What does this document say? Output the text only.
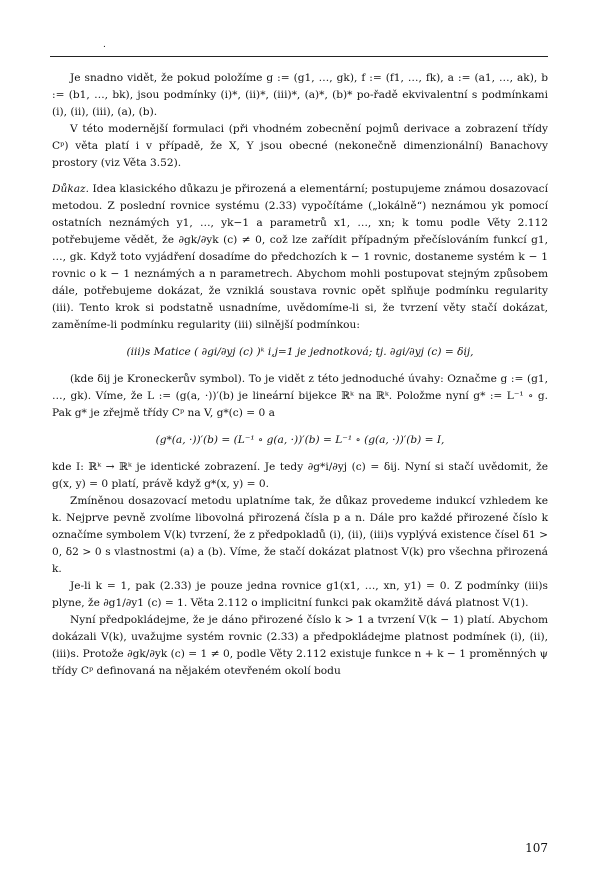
.

Je snadno vidět, že pokud položíme g := (g1, …, gk), f := (f1, …, fk), a := (a1, …, ak), b := (b1, …, bk), jsou podmínky (i)*, (ii)*, (iii)*, (a)*, (b)* po-řadě ekvivalentní s podmínkami (i), (ii), (iii), (a), (b).

V této modernější formulaci (při vhodném zobecnění pojmů derivace a zobrazení třídy Cᵖ) věta platí i v případě, že X, Y jsou obecné (nekonečně dimenzionální) Banachovy prostory (viz Věta 3.52).

Důkaz. Idea klasického důkazu je přirozená a elementární; postupujeme známou dosazovací metodou. Z poslední rovnice systému (2.33) vypočítáme („lokálně“) neznámou yk pomocí ostatních neznámých y1, …, yk−1 a parametrů x1, …, xn; k tomu podle Věty 2.112 potřebujeme vědět, že ∂gk/∂yk (c) ≠ 0, což lze zařídit případným přečíslováním funkcí g1, …, gk. Když toto vyjádření dosadíme do předchozích k − 1 rovnic, dostaneme systém k − 1 rovnic o k − 1 neznámých a n parametrech. Abychom mohli postupovat stejným způsobem dále, potřebujeme dokázat, že vzniklá soustava rovnic opět splňuje podmínku regularity (iii). Tento krok si podstatně usnadníme, uvědomíme-li si, že tvrzení věty stačí dokázat, zaměníme-li podmínku regularity (iii) silnější podmínkou:

(iii)s Matice ( ∂gi/∂yj (c) )ᵏ i,j=1 je jednotková; tj. ∂gi/∂yj (c) = δij,

(kde δij je Kroneckerův symbol). To je vidět z této jednoduché úvahy: Označme g := (g1, …, gk). Víme, že L := (g(a, ·))′(b) je lineární bijekce ℝᵏ na ℝᵏ. Položme nyní g* := L⁻¹ ∘ g. Pak g* je zřejmě třídy Cᵖ na V, g*(c) = 0 a

(g*(a, ·))′(b) = (L⁻¹ ∘ g(a, ·))′(b) = L⁻¹ ∘ (g(a, ·))′(b) = I,

kde I: ℝᵏ → ℝᵏ je identické zobrazení. Je tedy ∂g*i/∂yj (c) = δij. Nyní si stačí uvědomit, že g(x, y) = 0 platí, právě když g*(x, y) = 0.

Zmíněnou dosazovací metodu uplatníme tak, že důkaz provedeme indukcí vzhledem ke k. Nejprve pevně zvolíme libovolná přirozená čísla p a n. Dále pro každé přirozené číslo k označíme symbolem V(k) tvrzení, že z předpokladů (i), (ii), (iii)s vyplývá existence čísel δ1 > 0, δ2 > 0 s vlastnostmi (a) a (b). Víme, že stačí dokázat platnost V(k) pro všechna přirozená k.

Je-li k = 1, pak (2.33) je pouze jedna rovnice g1(x1, …, xn, y1) = 0. Z podmínky (iii)s plyne, že ∂g1/∂y1 (c) = 1. Věta 2.112 o implicitní funkci pak okamžitě dává platnost V(1).

Nyní předpokládejme, že je dáno přirozené číslo k > 1 a tvrzení V(k − 1) platí. Abychom dokázali V(k), uvažujme systém rovnic (2.33) a předpokládejme platnost podmínek (i), (ii), (iii)s. Protože ∂gk/∂yk (c) = 1 ≠ 0, podle Věty 2.112 existuje funkce n + k − 1 proměnných ψ třídy Cᵖ definovaná na nějakém otevřeném okolí bodu

107
